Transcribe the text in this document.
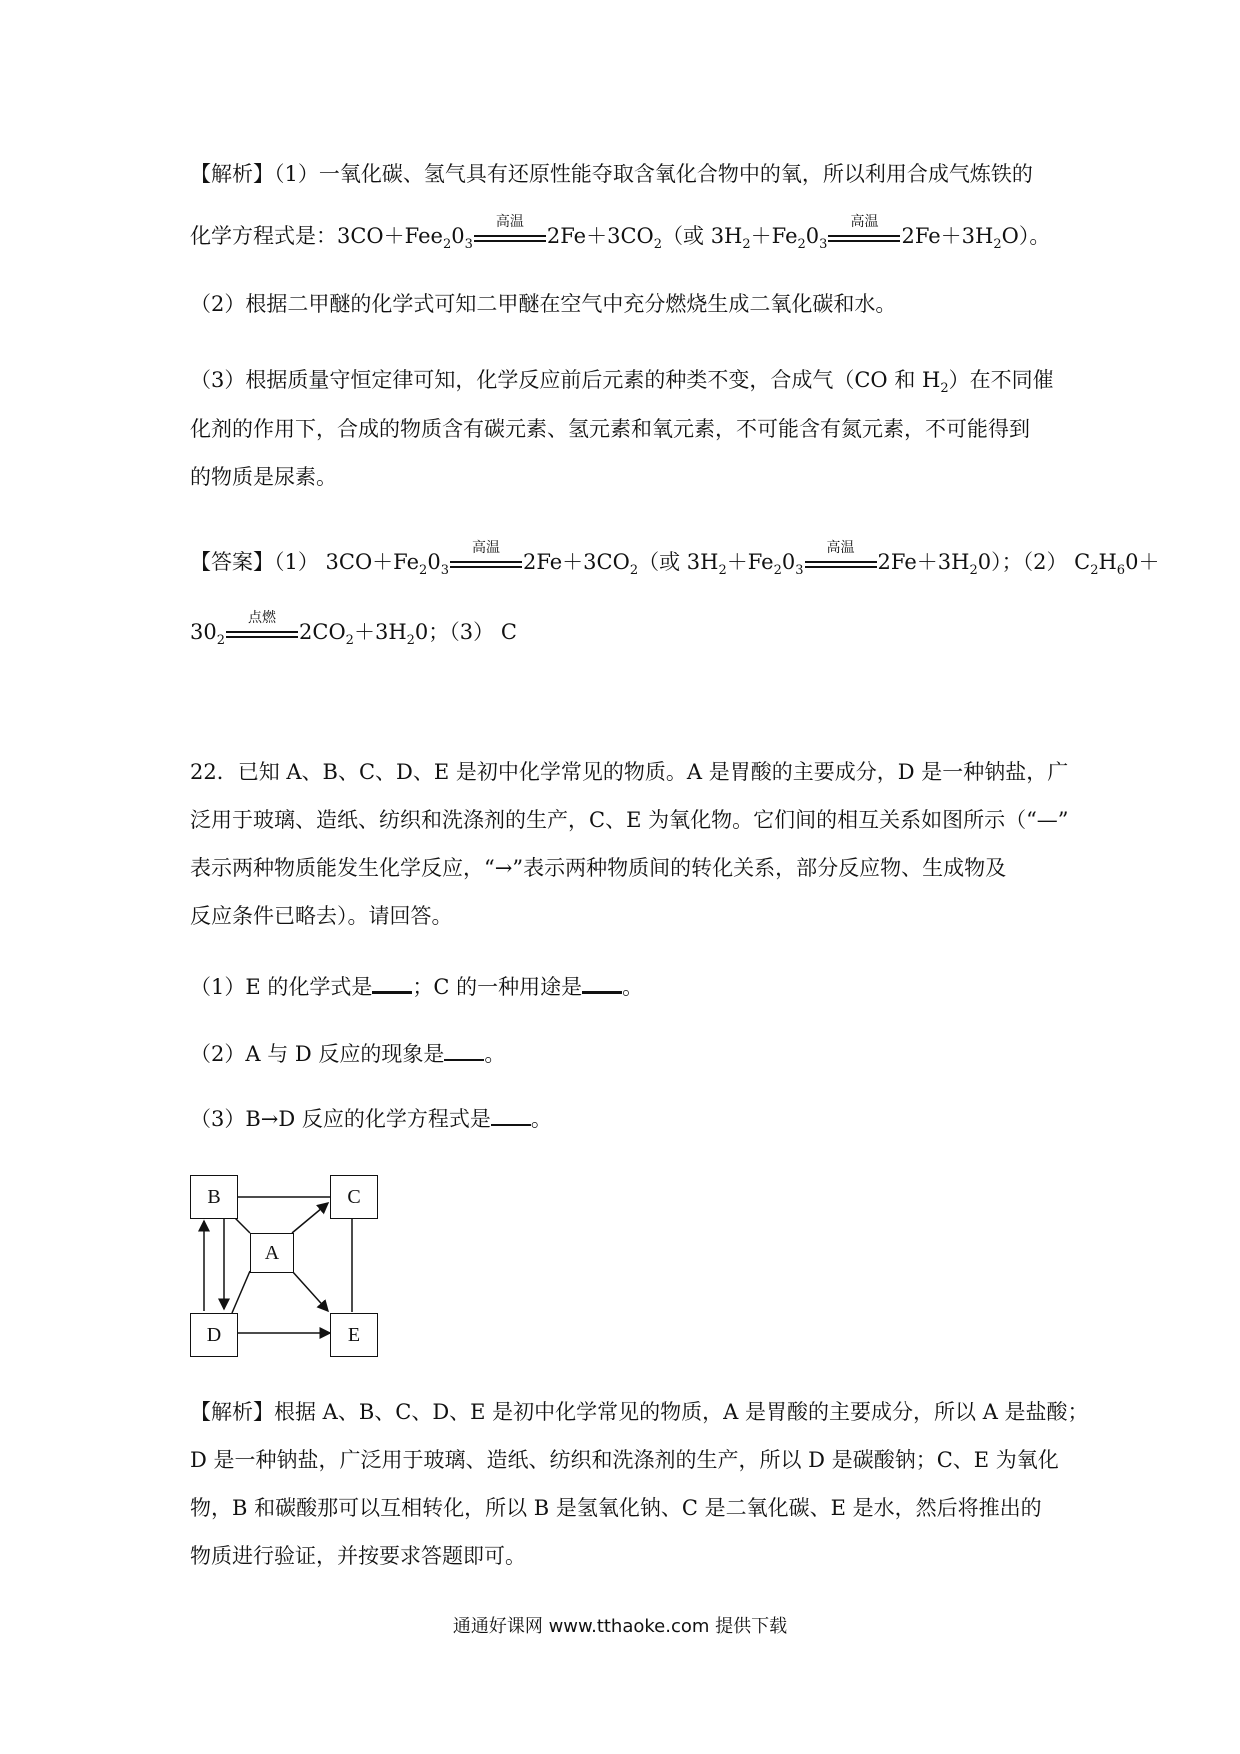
【解析】（1）一氧化碳、氢气具有还原性能夺取含氧化合物中的氧，所以利用合成气炼铁的
化学方程式是：$3CO+Fee_20_3$
高温
$2Fe+3CO_2$（或 $3H_2+Fe_20_3$
高温
$2Fe+3H_2O$）。
（2）根据二甲醚的化学式可知二甲醚在空气中充分燃烧生成二氧化碳和水。
（3）根据质量守恒定律可知，化学反应前后元素的种类不变，合成气（CO 和 $H_2$）在不同催
化剂的作用下，合成的物质含有碳元素、氢元素和氧元素，不可能含有氮元素，不可能得到
的物质是尿素。
【答案】（1） $3CO+Fe_20_3$
高温
$2Fe+3CO_2$（或 $3H_2+Fe_20_3$
高温
$2Fe+3H_20$）；（2） $C_2H_60+$
$30_2$
点燃
$2CO_2+3H_20$；（3） C
22．已知 A、B、C、D、E 是初中化学常见的物质。A 是胃酸的主要成分，D 是一种钠盐，广
泛用于玻璃、造纸、纺织和洗涤剂的生产，C、E 为氧化物。它们间的相互关系如图所示（“—”
表示两种物质能发生化学反应，“→”表示两种物质间的转化关系，部分反应物、生成物及
反应条件已略去）。请回答。
（1）E 的化学式是 ；C 的一种用途是 。
（2）A 与 D 反应的现象是 。
（3）B→D 反应的化学方程式是 。
B	C
A
D	E
【解析】根据 A、B、C、D、E 是初中化学常见的物质，A 是胃酸的主要成分，所以 A 是盐酸；
D 是一种钠盐，广泛用于玻璃、造纸、纺织和洗涤剂的生产，所以 D 是碳酸钠；C、E 为氧化
物，B 和碳酸那可以互相转化，所以 B 是氢氧化钠、C 是二氧化碳、E 是水，然后将推出的
物质进行验证，并按要求答题即可。
通通好课网 www.tthaoke.com 提供下载
